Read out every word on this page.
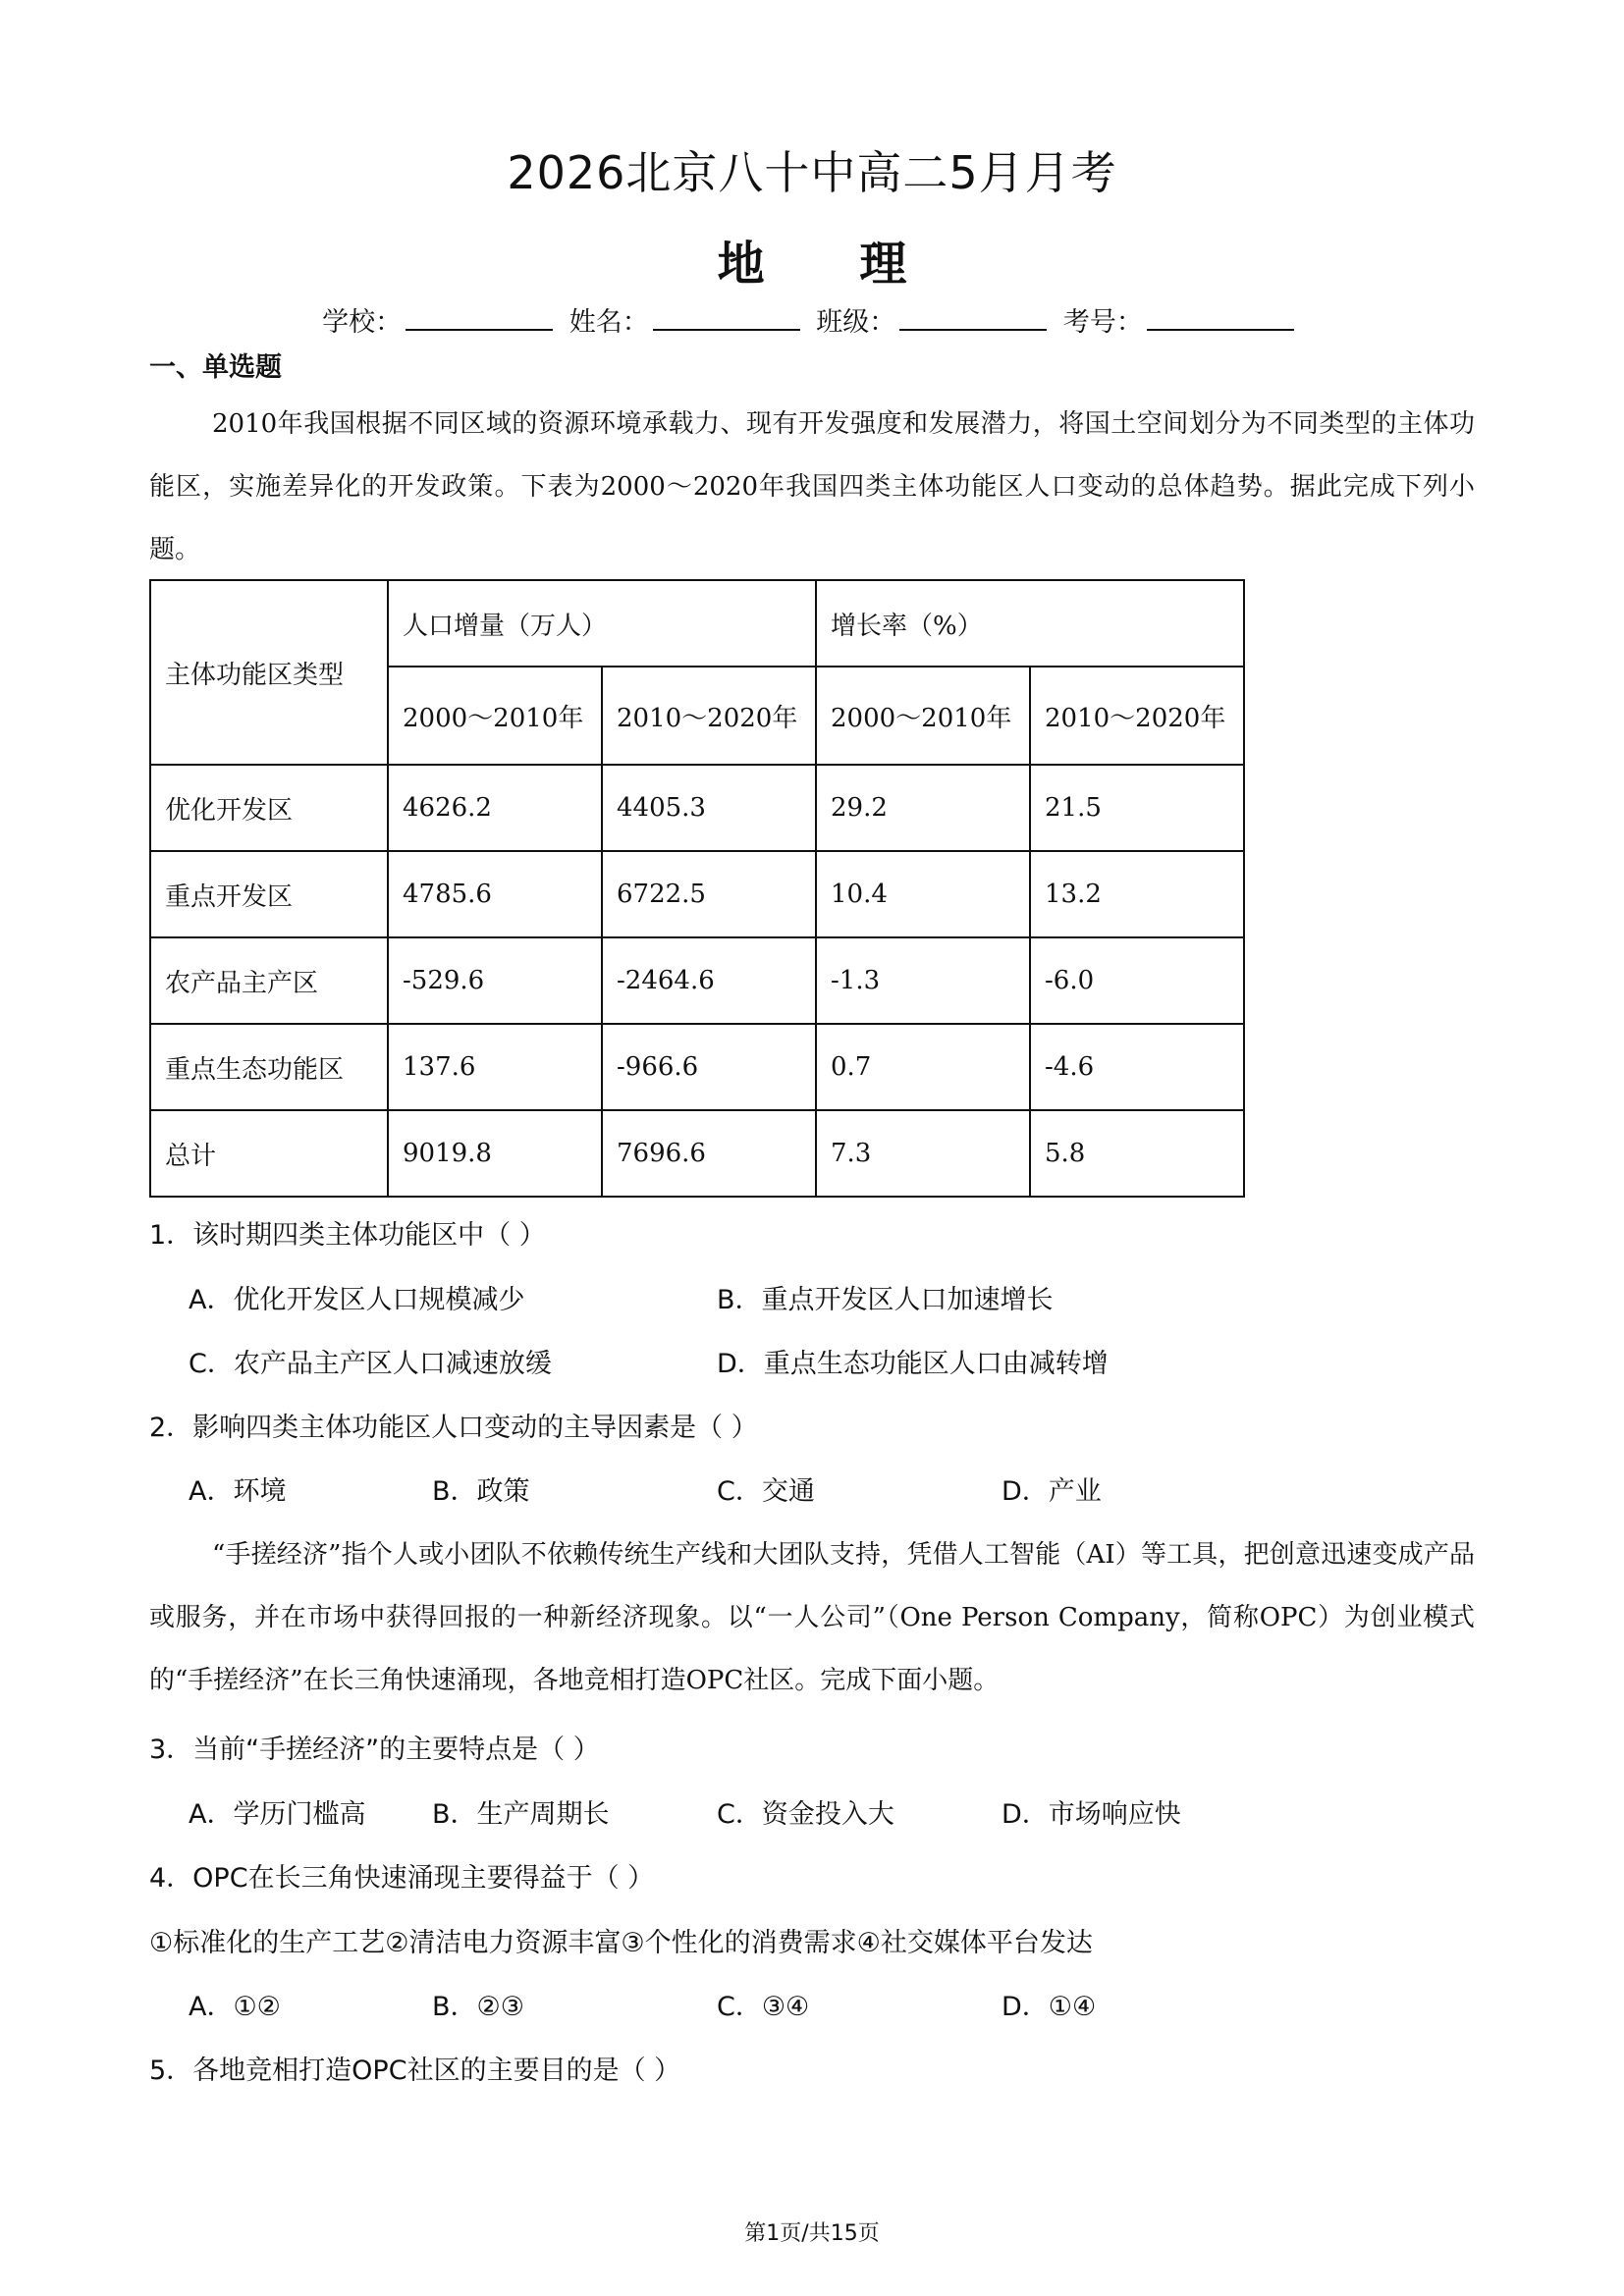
2026北京八十中高二5月月考
地 理
学校：	姓名：	班级：	考号：
一、单选题
2010年我国根据不同区域的资源环境承载力、现有开发强度和发展潜力，将国土空间划分为不同类型的主体功能区，实施差异化的开发政策。下表为2000～2020年我国四类主体功能区人口变动的总体趋势。据此完成下列小题。
主体功能区类型	人口增量（万人）		增长率（%）	
	2000～2010年	2010～2020年	2000～2010年	2010～2020年
优化开发区	4626.2	4405.3	29.2	21.5
重点开发区	4785.6	6722.5	10.4	13.2
农产品主产区	-529.6	-2464.6	-1.3	-6.0
重点生态功能区	137.6	-966.6	0.7	-4.6
总计	9019.8	7696.6	7.3	5.8
1．该时期四类主体功能区中（ ）
A．优化开发区人口规模减少	B．重点开发区人口加速增长
C．农产品主产区人口减速放缓	D．重点生态功能区人口由减转增
2．影响四类主体功能区人口变动的主导因素是（ ）
A．环境	B．政策	C．交通	D．产业
“手搓经济”指个人或小团队不依赖传统生产线和大团队支持，凭借人工智能（AI）等工具，把创意迅速变成产品或服务，并在市场中获得回报的一种新经济现象。以“一人公司”（One Person Company，简称OPC）为创业模式的“手搓经济”在长三角快速涌现，各地竞相打造OPC社区。完成下面小题。
3．当前“手搓经济”的主要特点是（ ）
A．学历门槛高	B．生产周期长	C．资金投入大	D．市场响应快
4．OPC在长三角快速涌现主要得益于（ ）
①标准化的生产工艺②清洁电力资源丰富③个性化的消费需求④社交媒体平台发达
A．①②	B．②③	C．③④	D．①④
5．各地竞相打造OPC社区的主要目的是（ ）
第1页/共15页
